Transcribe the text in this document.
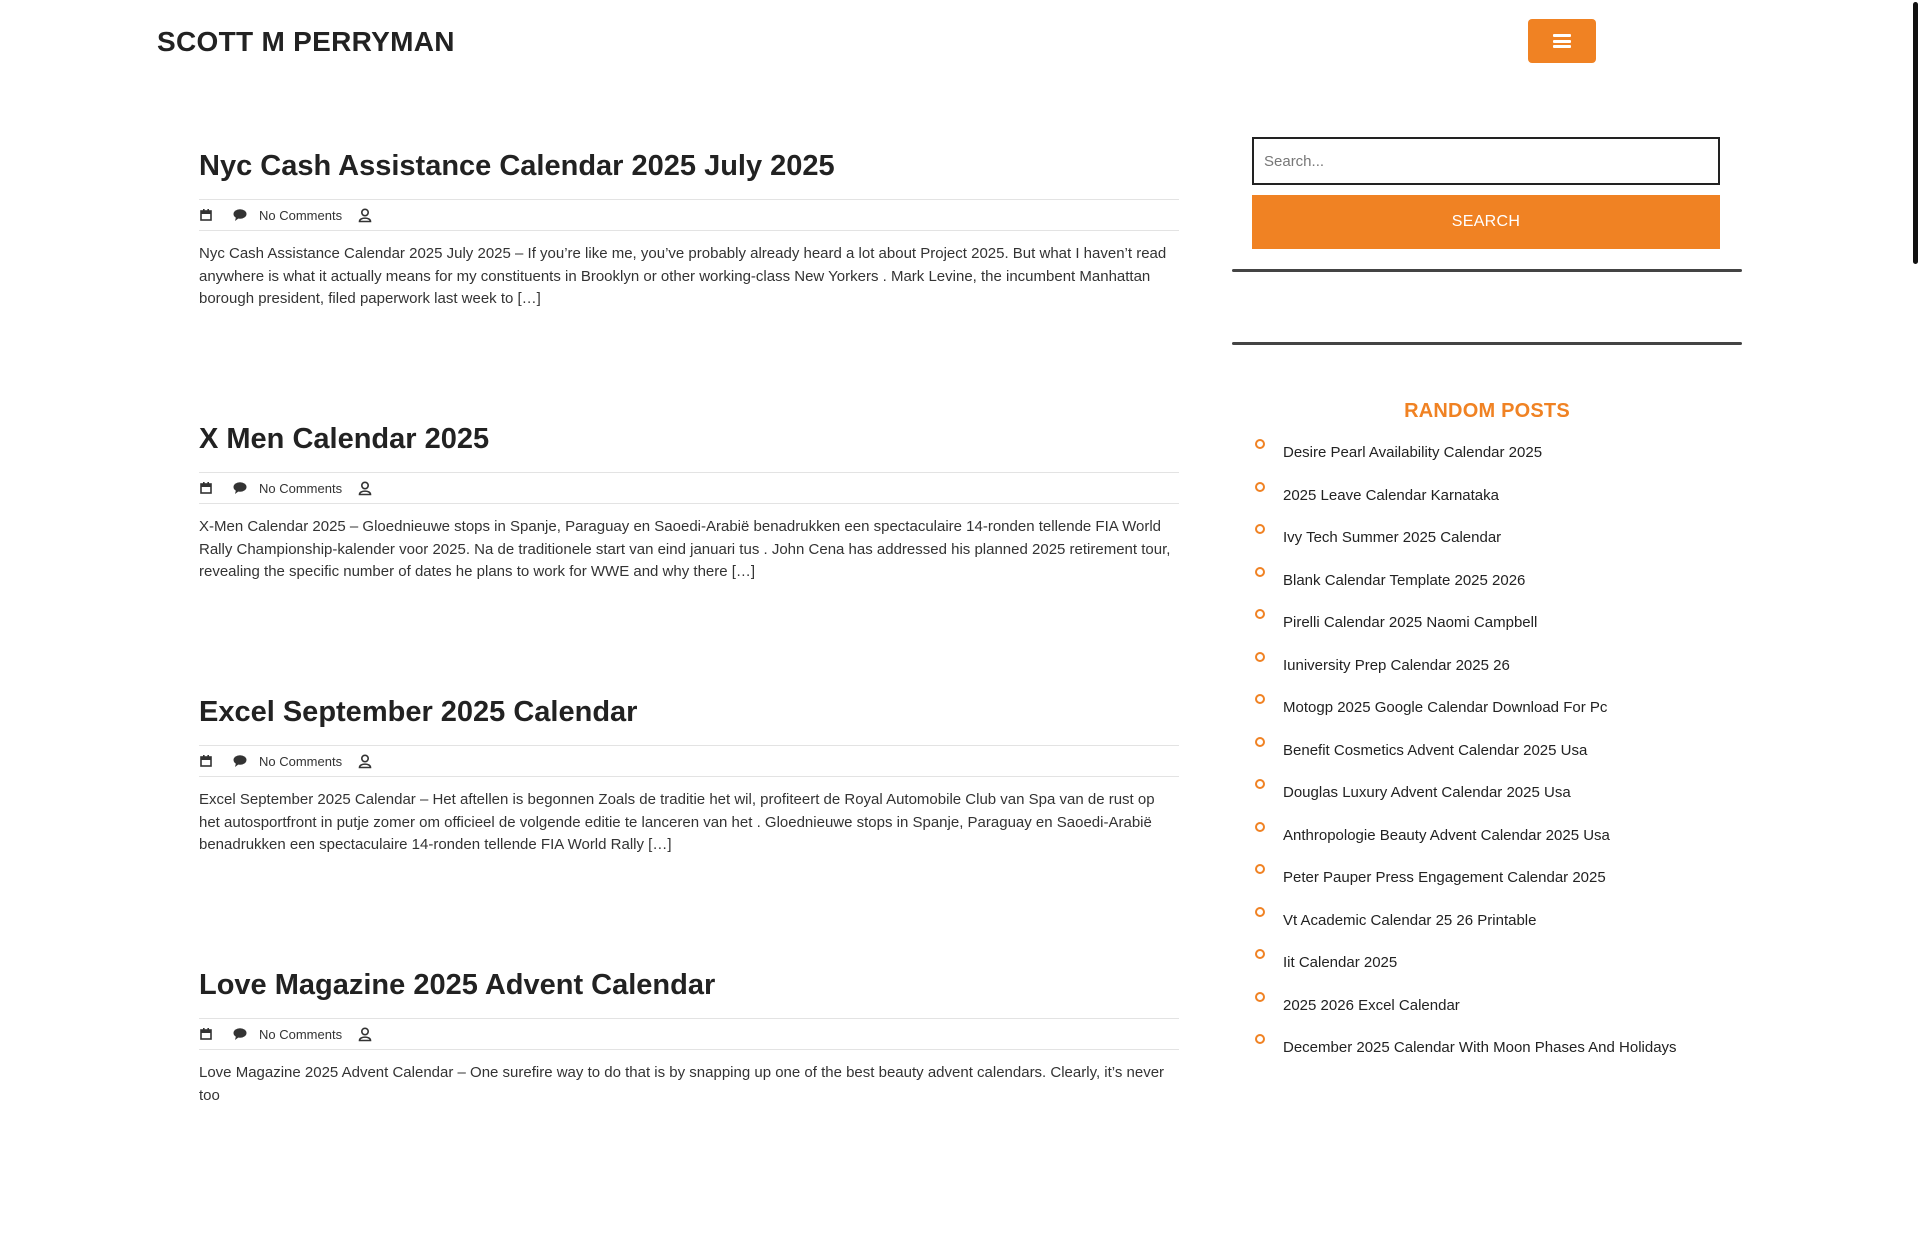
SCOTT M PERRYMAN
Nyc Cash Assistance Calendar 2025 July 2025
No Comments

Nyc Cash Assistance Calendar 2025 July 2025 – If you’re like me, you’ve probably already heard a lot about Project 2025. But what I haven’t read anywhere is what it actually means for my constituents in Brooklyn or other working-class New Yorkers . Mark Levine, the incumbent Manhattan borough president, filed paperwork last week to […]

X Men Calendar 2025
No Comments

X-Men Calendar 2025 – Gloednieuwe stops in Spanje, Paraguay en Saoedi-Arabië benadrukken een spectaculaire 14-ronden tellende FIA World Rally Championship-kalender voor 2025. Na de traditionele start van eind januari tus . John Cena has addressed his planned 2025 retirement tour, revealing the specific number of dates he plans to work for WWE and why there […]

Excel September 2025 Calendar
No Comments

Excel September 2025 Calendar – Het aftellen is begonnen Zoals de traditie het wil, profiteert de Royal Automobile Club van Spa van de rust op het autosportfront in putje zomer om officieel de volgende editie te lanceren van het . Gloednieuwe stops in Spanje, Paraguay en Saoedi-Arabië benadrukken een spectaculaire 14-ronden tellende FIA World Rally […]

Love Magazine 2025 Advent Calendar
No Comments

Love Magazine 2025 Advent Calendar – One surefire way to do that is by snapping up one of the best beauty advent calendars. Clearly, it’s never too

Search...
SEARCH
RANDOM POSTS
Desire Pearl Availability Calendar 2025
2025 Leave Calendar Karnataka
Ivy Tech Summer 2025 Calendar
Blank Calendar Template 2025 2026
Pirelli Calendar 2025 Naomi Campbell
Iuniversity Prep Calendar 2025 26
Motogp 2025 Google Calendar Download For Pc
Benefit Cosmetics Advent Calendar 2025 Usa
Douglas Luxury Advent Calendar 2025 Usa
Anthropologie Beauty Advent Calendar 2025 Usa
Peter Pauper Press Engagement Calendar 2025
Vt Academic Calendar 25 26 Printable
Iit Calendar 2025
2025 2026 Excel Calendar
December 2025 Calendar With Moon Phases And Holidays
